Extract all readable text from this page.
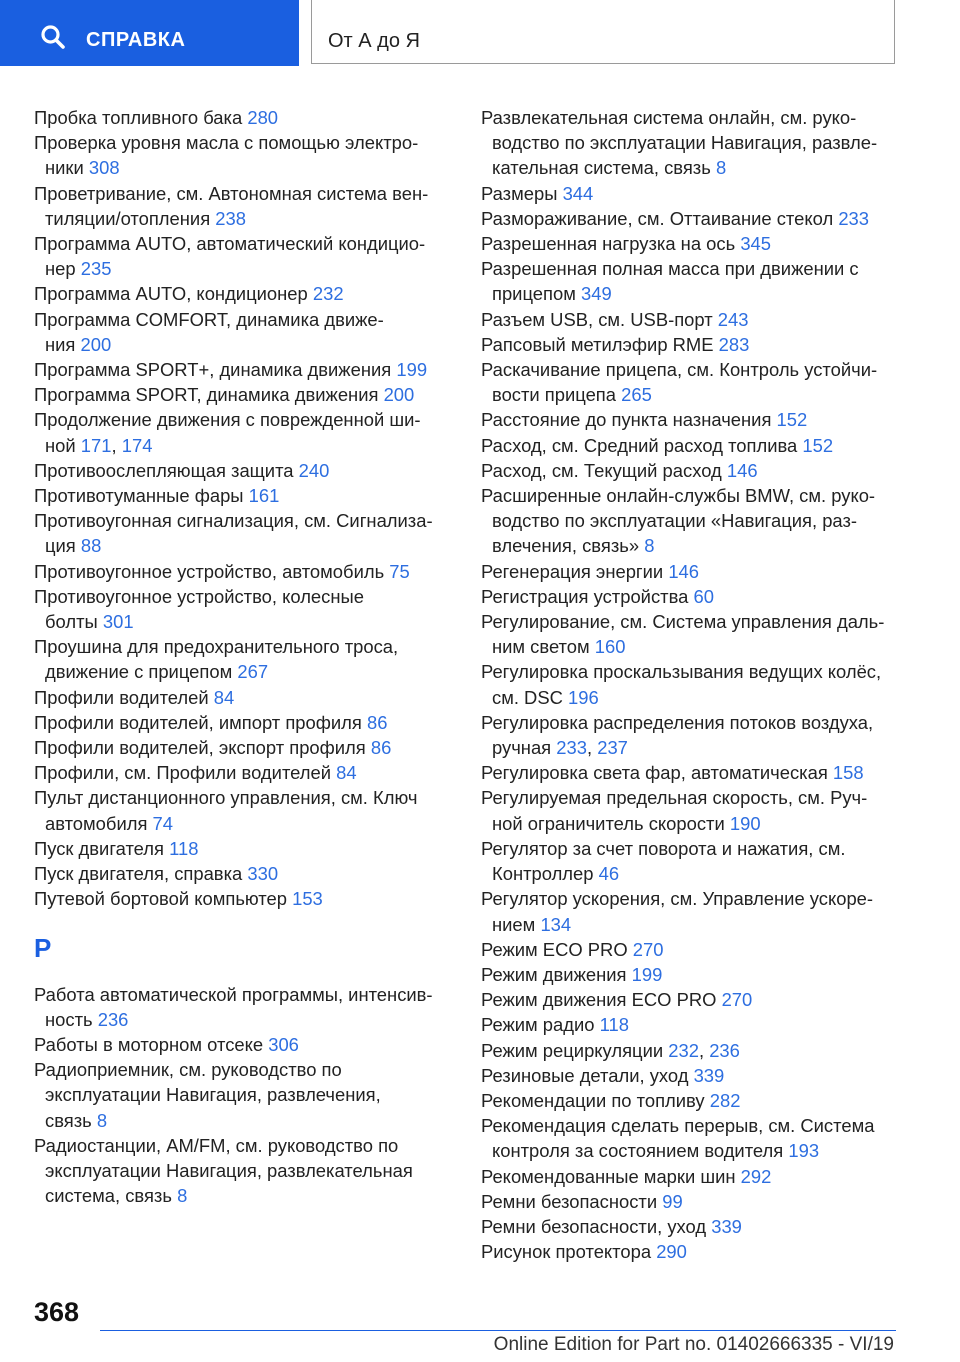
СПРАВКА	От А до Я
Пробка топливного бака 280
Проверка уровня масла с помощью электро-
ники 308
Проветривание, см. Автономная система вен-
тиляции/отопления 238
Программа AUTO, автоматический кондицио-
нер 235
Программа AUTO, кондиционер 232
Программа COMFORT, динамика движе-
ния 200
Программа SPORT+, динамика движения 199
Программа SPORT, динамика движения 200
Продолжение движения с поврежденной ши-
ной 171, 174
Противоослепляющая защита 240
Противотуманные фары 161
Противоугонная сигнализация, см. Сигнализа-
ция 88
Противоугонное устройство, автомобиль 75
Противоугонное устройство, колесные
болты 301
Проушина для предохранительного троса,
движение с прицепом 267
Профили водителей 84
Профили водителей, импорт профиля 86
Профили водителей, экспорт профиля 86
Профили, см. Профили водителей 84
Пульт дистанционного управления, см. Ключ
автомобиля 74
Пуск двигателя 118
Пуск двигателя, справка 330
Путевой бортовой компьютер 153
Р
Работа автоматической программы, интенсив-
ность 236
Работы в моторном отсеке 306
Радиоприемник, см. руководство по
эксплуатации Навигация, развлечения,
связь 8
Радиостанции, AM/FM, см. руководство по
эксплуатации Навигация, развлекательная
система, связь 8
Развлекательная система онлайн, см. руко-
водство по эксплуатации Навигация, развле-
кательная система, связь 8
Размеры 344
Размораживание, см. Оттаивание стекол 233
Разрешенная нагрузка на ось 345
Разрешенная полная масса при движении с
прицепом 349
Разъем USB, см. USB-порт 243
Рапсовый метилэфир RME 283
Раскачивание прицепа, см. Контроль устойчи-
вости прицепа 265
Расстояние до пункта назначения 152
Расход, см. Средний расход топлива 152
Расход, см. Текущий расход 146
Расширенные онлайн-службы BMW, см. руко-
водство по эксплуатации «Навигация, раз-
влечения, связь» 8
Регенерация энергии 146
Регистрация устройства 60
Регулирование, см. Система управления даль-
ним светом 160
Регулировка проскальзывания ведущих колёс,
см. DSC 196
Регулировка распределения потоков воздуха,
ручная 233, 237
Регулировка света фар, автоматическая 158
Регулируемая предельная скорость, см. Руч-
ной ограничитель скорости 190
Регулятор за счет поворота и нажатия, см.
Контроллер 46
Регулятор ускорения, см. Управление ускоре-
нием 134
Режим ECO PRO 270
Режим движения 199
Режим движения ECO PRO 270
Режим радио 118
Режим рециркуляции 232, 236
Резиновые детали, уход 339
Рекомендации по топливу 282
Рекомендация сделать перерыв, см. Система
контроля за состоянием водителя 193
Рекомендованные марки шин 292
Ремни безопасности 99
Ремни безопасности, уход 339
Рисунок протектора 290
368
Online Edition for Part no. 01402666335 - VI/19
